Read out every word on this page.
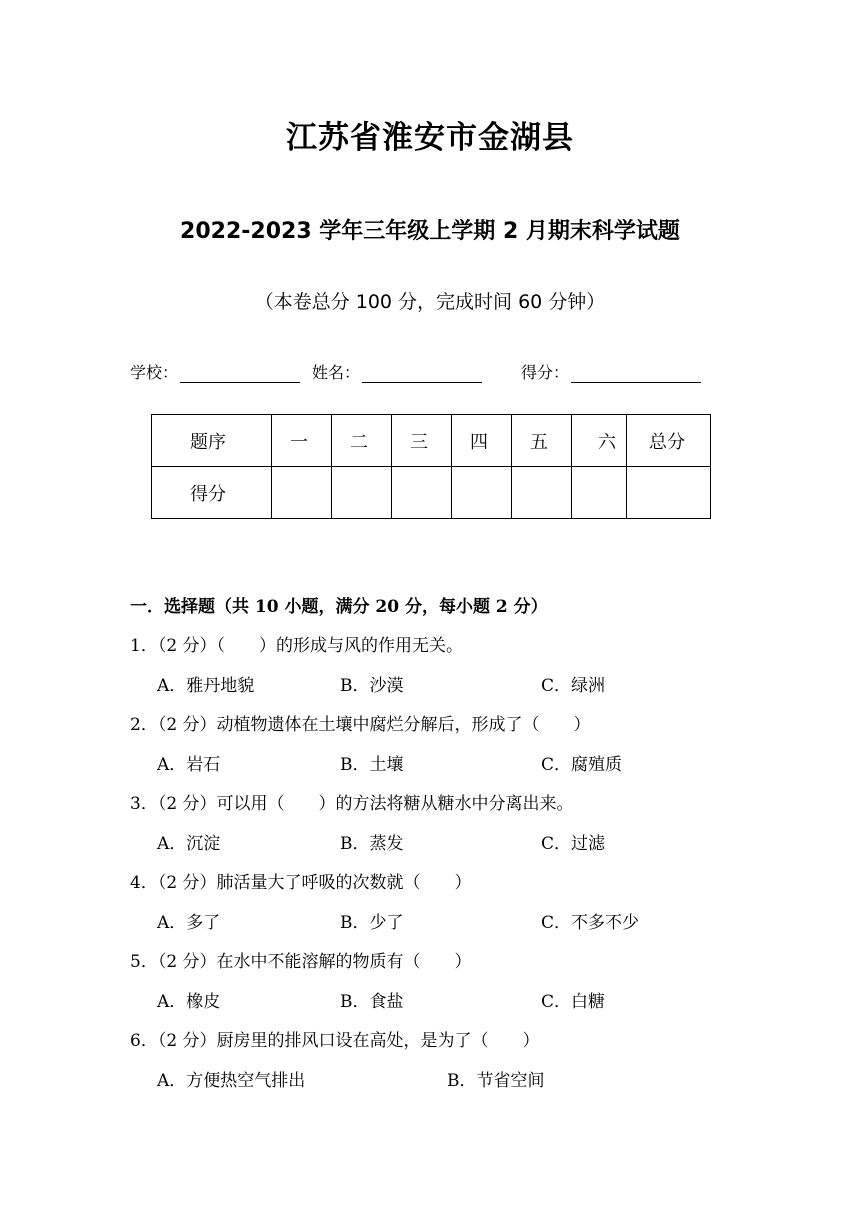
江苏省淮安市金湖县
2022-2023 学年三年级上学期 2 月期末科学试题
（本卷总分 100 分，完成时间 60 分钟）
学校：	姓名：	得分：
题序	一	二	三	四	五	六	总分
得分							
一．选择题（共 10 小题，满分 20 分，每小题 2 分）
1．（2 分）（　　）的形成与风的作用无关。
A．雅丹地貌	B．沙漠	C．绿洲
2．（2 分）动植物遗体在土壤中腐烂分解后，形成了（　　）
A．岩石	B．土壤	C．腐殖质
3．（2 分）可以用（　　）的方法将糖从糖水中分离出来。
A．沉淀	B．蒸发	C．过滤
4．（2 分）肺活量大了呼吸的次数就（　　）
A．多了	B．少了	C．不多不少
5．（2 分）在水中不能溶解的物质有（　　）
A．橡皮	B．食盐	C．白糖
6．（2 分）厨房里的排风口设在高处，是为了（　　）
A．方便热空气排出	B．节省空间
